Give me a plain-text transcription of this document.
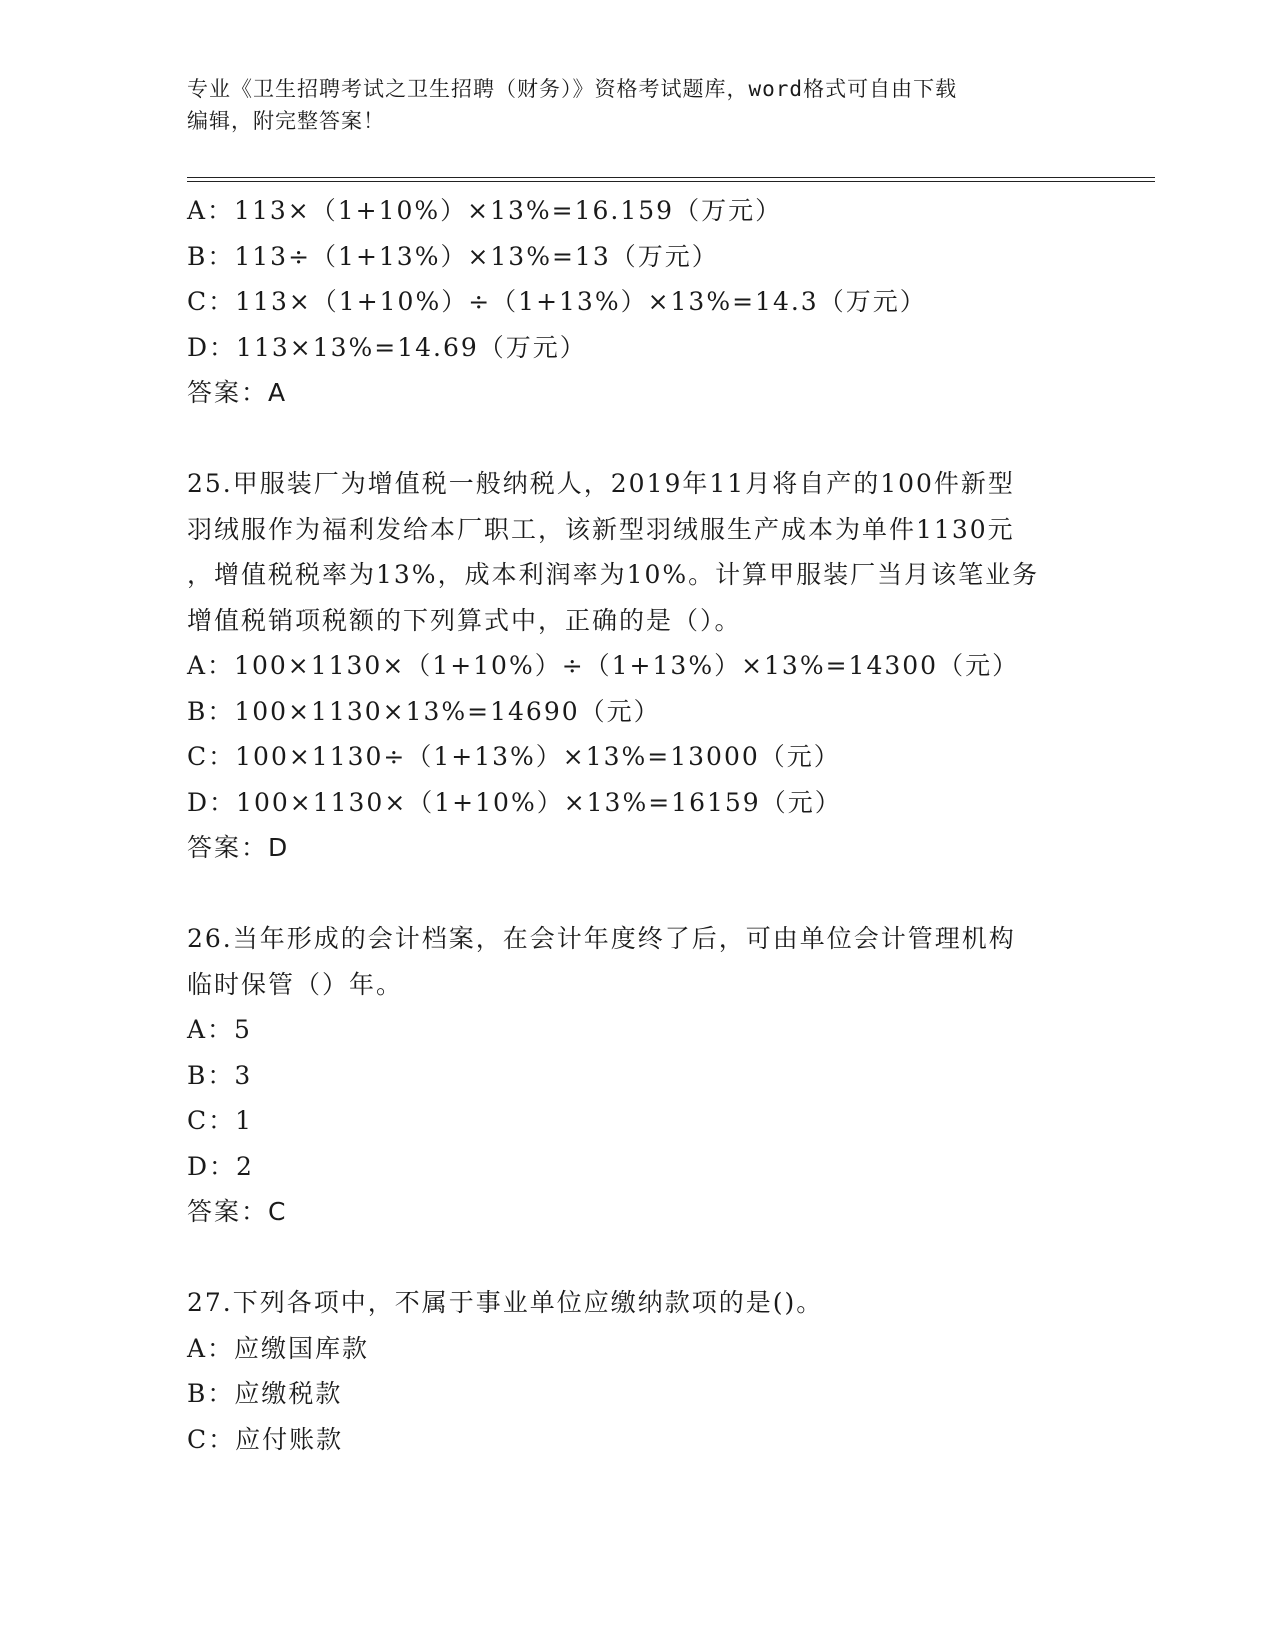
专业《卫生招聘考试之卫生招聘（财务）》资格考试题库，word格式可自由下载
编辑，附完整答案！
A：113×（1+10%）×13%=16.159（万元）
B：113÷（1+13%）×13%=13（万元）
C：113×（1+10%）÷（1+13%）×13%=14.3（万元）
D：113×13%=14.69（万元）
答案：A
25.甲服装厂为增值税一般纳税人，2019年11月将自产的100件新型
羽绒服作为福利发给本厂职工，该新型羽绒服生产成本为单件1130元
，增值税税率为13%，成本利润率为10%。计算甲服装厂当月该笔业务
增值税销项税额的下列算式中，正确的是（）。
A：100×1130×（1+10%）÷（1+13%）×13%=14300（元）
B：100×1130×13%=14690（元）
C：100×1130÷（1+13%）×13%=13000（元）
D：100×1130×（1+10%）×13%=16159（元）
答案：D
26.当年形成的会计档案，在会计年度终了后，可由单位会计管理机构
临时保管（）年。
A：5
B：3
C：1
D：2
答案：C
27.下列各项中，不属于事业单位应缴纳款项的是()。
A：应缴国库款
B：应缴税款
C：应付账款
